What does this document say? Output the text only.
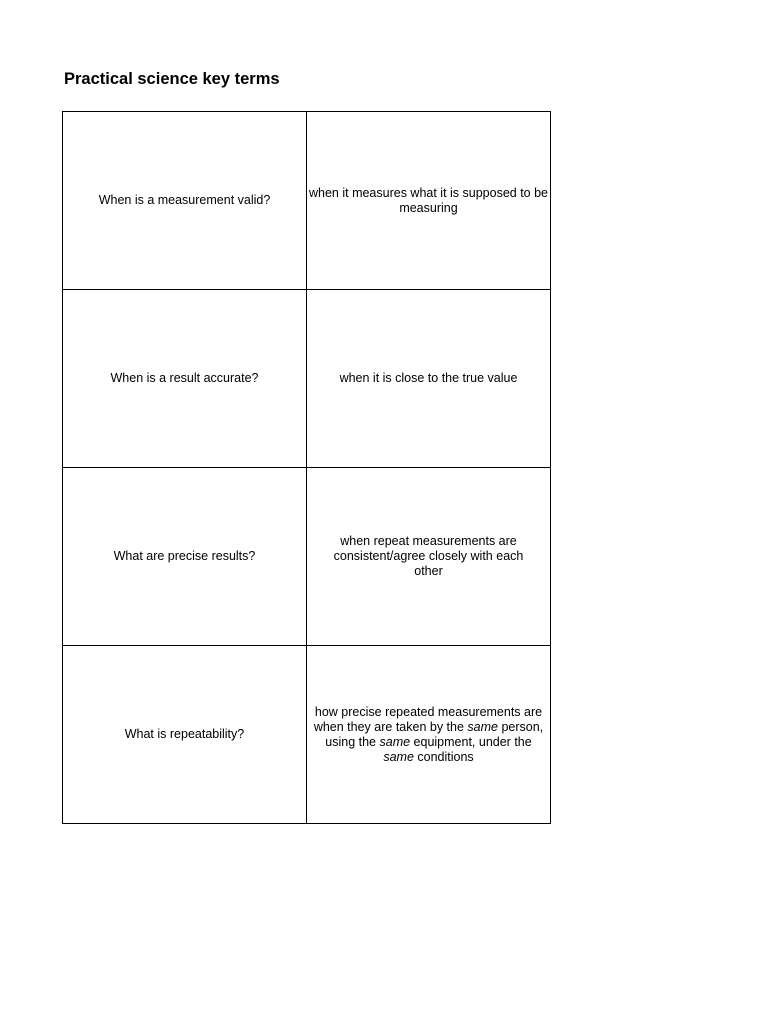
Practical science key terms
When is a measurement valid?	when it measures what it is supposed to be measuring
When is a result accurate?	when it is close to the true value
What are precise results?	when repeat measurements are consistent/agree closely with each other
What is repeatability?	how precise repeated measurements are when they are taken by the same person, using the same equipment, under the same conditions
